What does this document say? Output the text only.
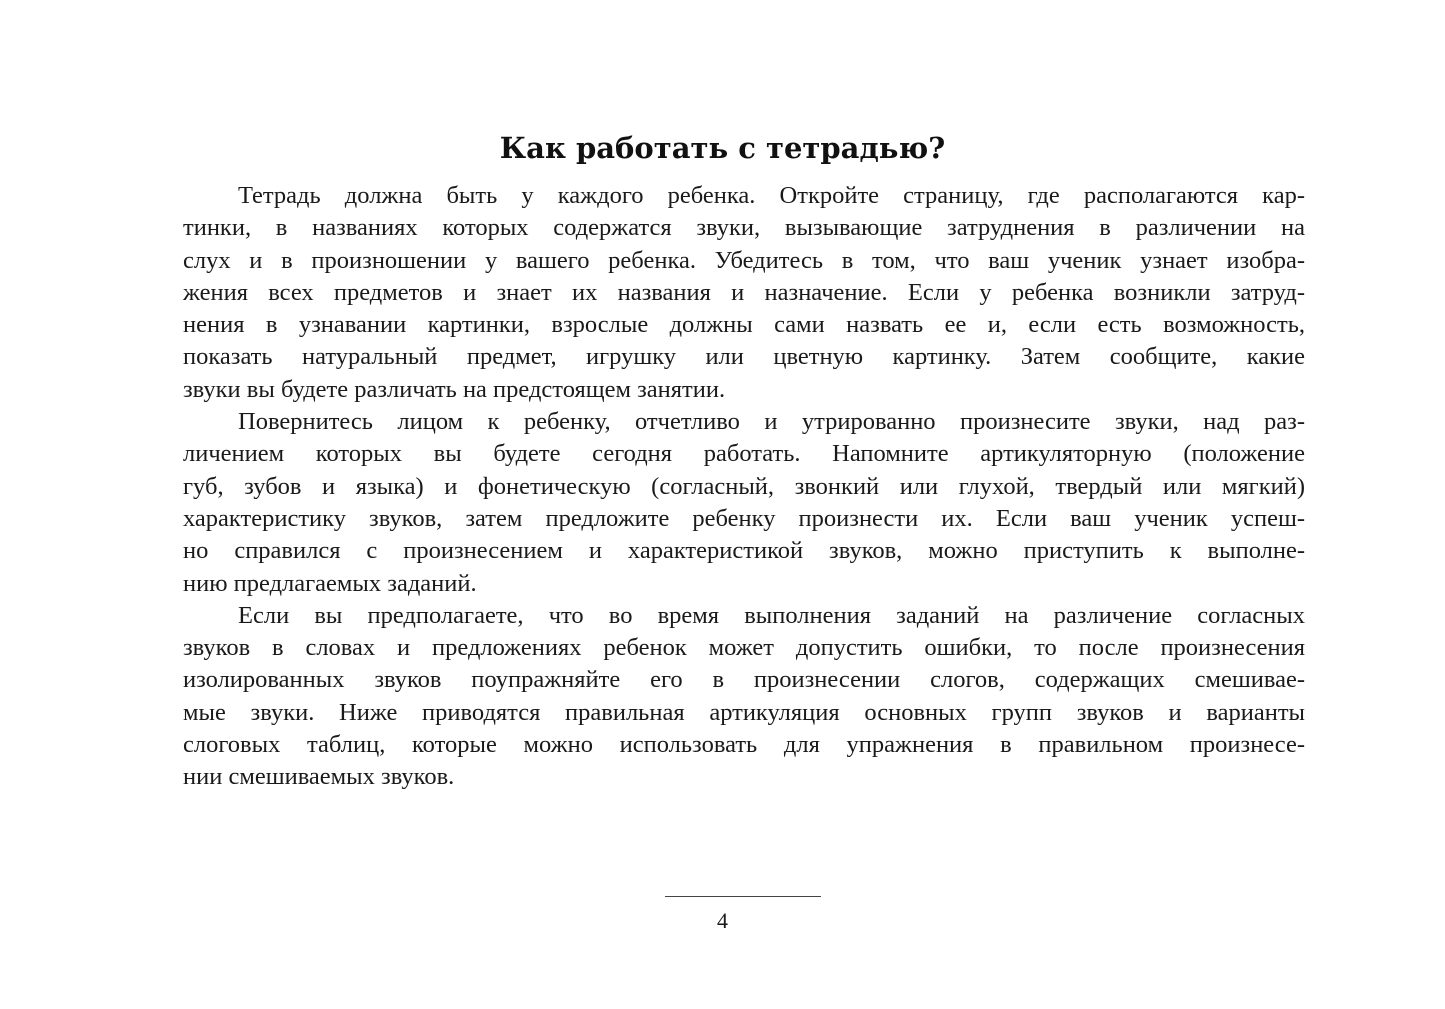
Как работать с тетрадью?
Тетрадь должна быть у каждого ребенка. Откройте страницу, где располагаются кар-
тинки, в названиях которых содержатся звуки, вызывающие затруднения в различении на
слух и в произношении у вашего ребенка. Убедитесь в том, что ваш ученик узнает изобра-
жения всех предметов и знает их названия и назначение. Если у ребенка возникли затруд-
нения в узнавании картинки, взрослые должны сами назвать ее и, если есть возможность,
показать натуральный предмет, игрушку или цветную картинку. Затем сообщите, какие
звуки вы будете различать на предстоящем занятии.
Повернитесь лицом к ребенку, отчетливо и утрированно произнесите звуки, над раз-
личением которых вы будете сегодня работать. Напомните артикуляторную (положение
губ, зубов и языка) и фонетическую (согласный, звонкий или глухой, твердый или мягкий)
характеристику звуков, затем предложите ребенку произнести их. Если ваш ученик успеш-
но справился с произнесением и характеристикой звуков, можно приступить к выполне-
нию предлагаемых заданий.
Если вы предполагаете, что во время выполнения заданий на различение согласных
звуков в словах и предложениях ребенок может допустить ошибки, то после произнесения
изолированных звуков поупражняйте его в произнесении слогов, содержащих смешивае-
мые звуки. Ниже приводятся правильная артикуляция основных групп звуков и варианты
слоговых таблиц, которые можно использовать для упражнения в правильном произнесе-
нии смешиваемых звуков.
4
